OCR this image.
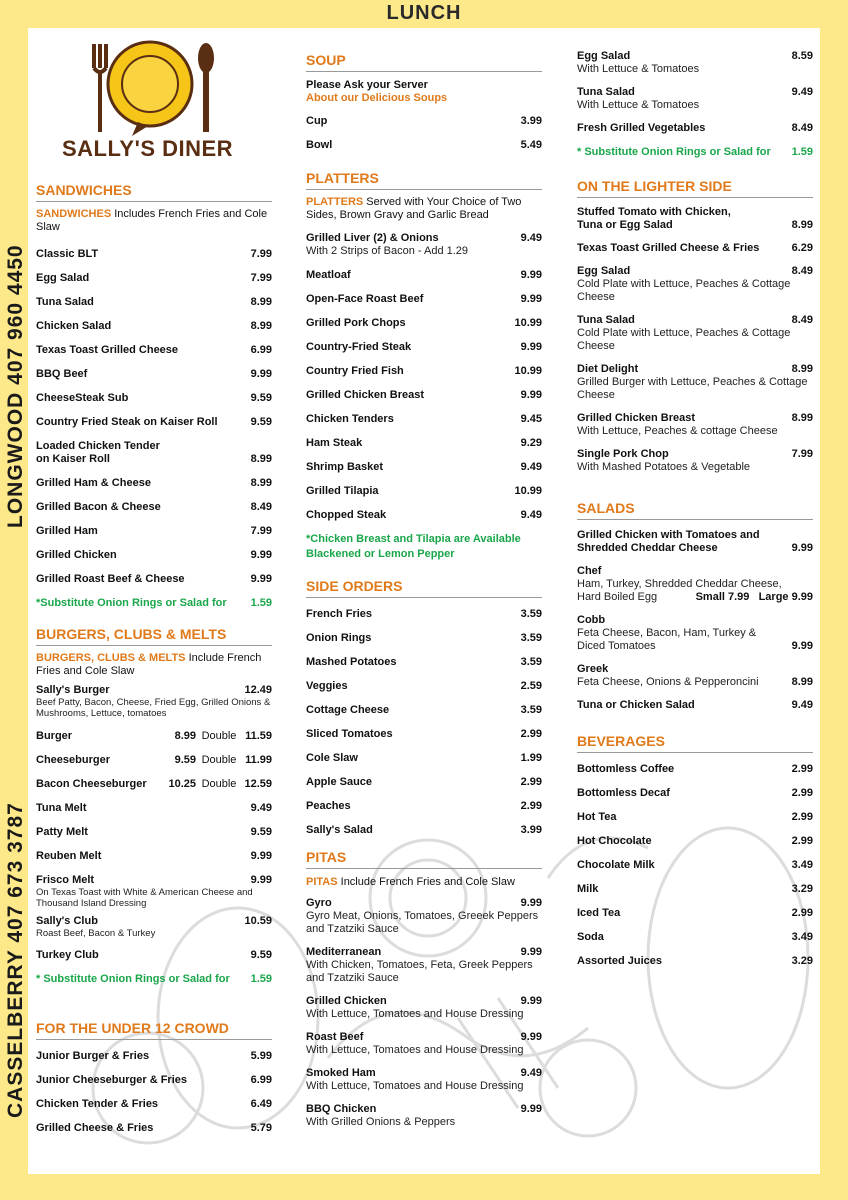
LUNCH
LONGWOOD 407 960 4450
CASSELBERRY 407 673 3787
SALLY'S DINER
SANDWICHES
SANDWICHES Includes French Fries and Cole Slaw
Classic BLT	7.99
Egg Salad	7.99
Tuna Salad	8.99
Chicken Salad	8.99
Texas Toast Grilled Cheese	6.99
BBQ Beef	9.99
CheeseSteak Sub	9.59
Country Fried Steak on Kaiser Roll	9.59
Loaded Chicken Tender
on Kaiser Roll	8.99
Grilled Ham & Cheese	8.99
Grilled Bacon & Cheese	8.49
Grilled Ham	7.99
Grilled Chicken	9.99
Grilled Roast Beef & Cheese	9.99
*Substitute Onion Rings or Salad for 1.59
BURGERS, CLUBS & MELTS
BURGERS, CLUBS & MELTS Include French Fries and Cole Slaw
Sally's Burger	12.49
Beef Patty, Bacon, Cheese, Fried Egg, Grilled Onions & Mushrooms, Lettuce, tomatoes
Burger	8.99 Double 11.59
Cheeseburger	9.59 Double 11.99
Bacon Cheeseburger	10.25 Double 12.59
Tuna Melt	9.49
Patty Melt	9.59
Reuben Melt	9.99
Frisco Melt	9.99
On Texas Toast with White & American Cheese and Thousand Island Dressing
Sally's Club	10.59
Roast Beef, Bacon & Turkey
Turkey Club	9.59
* Substitute Onion Rings or Salad for 1.59
FOR THE UNDER 12 CROWD
Junior Burger & Fries	5.99
Junior Cheeseburger & Fries	6.99
Chicken Tender & Fries	6.49
Grilled Cheese & Fries	5.79
SOUP
Please Ask your Server
About our Delicious Soups
Cup	3.99
Bowl	5.49
PLATTERS
PLATTERS Served with Your Choice of Two Sides, Brown Gravy and Garlic Bread
Grilled Liver (2) & Onions	9.49
With 2 Strips of Bacon - Add 1.29
Meatloaf	9.99
Open-Face Roast Beef	9.99
Grilled Pork Chops	10.99
Country-Fried Steak	9.99
Country Fried Fish	10.99
Grilled Chicken Breast	9.99
Chicken Tenders	9.45
Ham Steak	9.29
Shrimp Basket	9.49
Grilled Tilapia	10.99
Chopped Steak	9.49
*Chicken Breast and Tilapia are Available Blackened or Lemon Pepper
SIDE ORDERS
French Fries	3.59
Onion Rings	3.59
Mashed Potatoes	3.59
Veggies	2.59
Cottage Cheese	3.59
Sliced Tomatoes	2.99
Cole Slaw	1.99
Apple Sauce	2.99
Peaches	2.99
Sally's Salad	3.99
PITAS
PITAS Include French Fries and Cole Slaw
Gyro	9.99
Gyro Meat, Onions, Tomatoes, Greeek Peppers and Tzatziki Sauce
Mediterranean	9.99
With Chicken, Tomatoes, Feta, Greek Peppers and Tzatziki Sauce
Grilled Chicken	9.99
With Lettuce, Tomatoes and House Dressing
Roast Beef	9.99
With Lettuce, Tomatoes and House Dressing
Smoked Ham	9.49
With Lettuce, Tomatoes and House Dressing
BBQ Chicken	9.99
With Grilled Onions & Peppers
Egg Salad	8.59
With Lettuce & Tomatoes
Tuna Salad	9.49
With Lettuce & Tomatoes
Fresh Grilled Vegetables	8.49
* Substitute Onion Rings or Salad for 1.59
ON THE LIGHTER SIDE
Stuffed Tomato with Chicken,
Tuna or Egg Salad	8.99
Texas Toast Grilled Cheese & Fries	6.29
Egg Salad	8.49
Cold Plate with Lettuce, Peaches & Cottage Cheese
Tuna Salad	8.49
Cold Plate with Lettuce, Peaches & Cottage Cheese
Diet Delight	8.99
Grilled Burger with Lettuce, Peaches & Cottage Cheese
Grilled Chicken Breast	8.99
With Lettuce, Peaches & cottage Cheese
Single Pork Chop	7.99
With Mashed Potatoes & Vegetable
SALADS
Grilled Chicken with Tomatoes and
Shredded Cheddar Cheese	9.99
Chef
Ham, Turkey, Shredded Cheddar Cheese,
Hard Boiled Egg	Small 7.99 Large 9.99
Cobb
Feta Cheese, Bacon, Ham, Turkey & Diced Tomatoes	9.99
Greek
Feta Cheese, Onions & Pepperoncini	8.99
Tuna or Chicken Salad	9.49
BEVERAGES
Bottomless Coffee	2.99
Bottomless Decaf	2.99
Hot Tea	2.99
Hot Chocolate	2.99
Chocolate Milk	3.49
Milk	3.29
Iced Tea	2.99
Soda	3.49
Assorted Juices	3.29
